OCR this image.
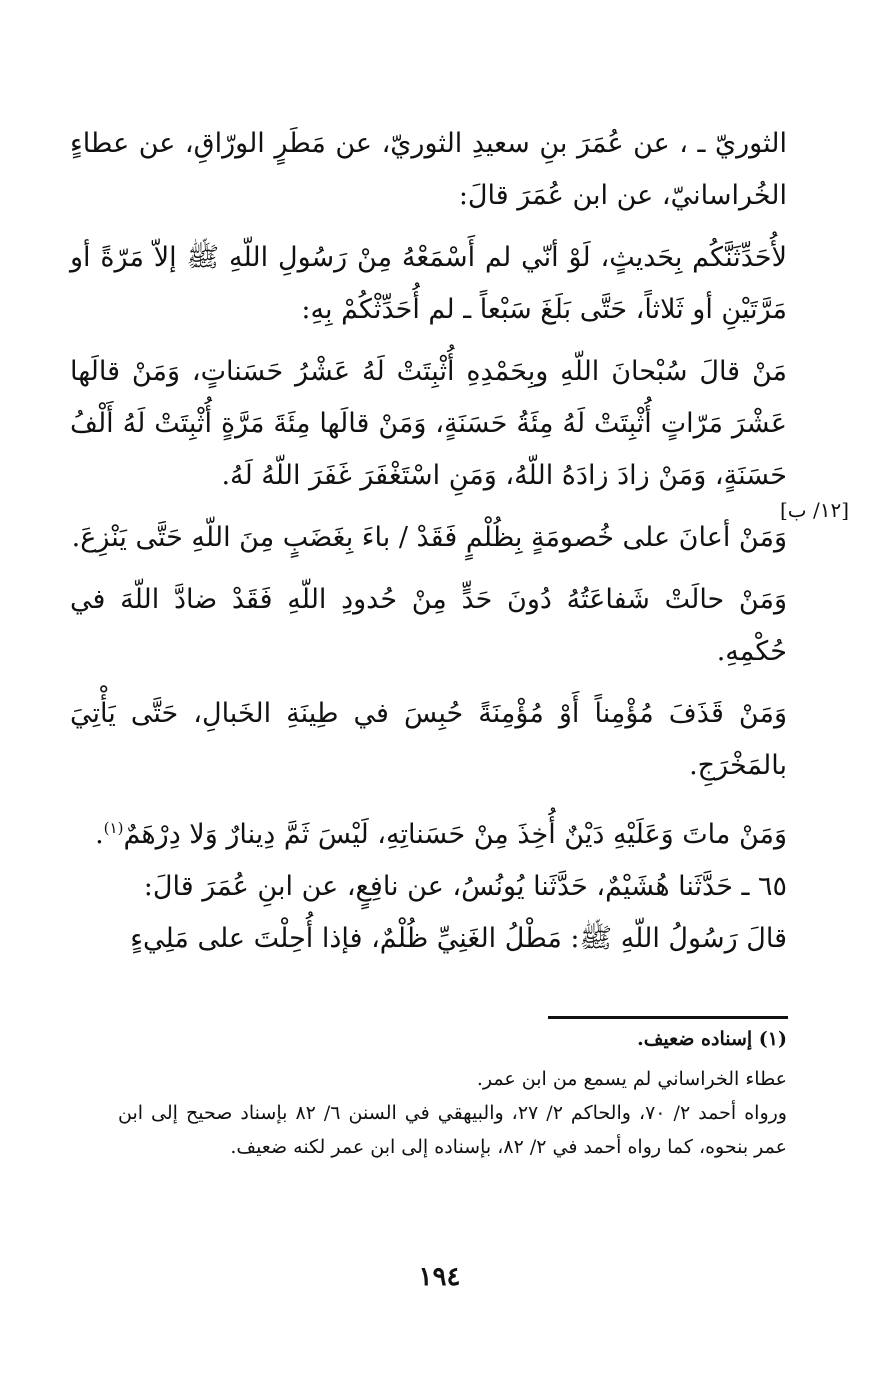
[١٢/ ب]

الثوريّ ـ ، عن عُمَرَ بنِ سعيدِ الثوريّ، عن مَطَرٍ الورّاقِ، عن عطاءٍ الخُراسانيّ، عن ابن عُمَرَ قالَ:

لأُحَدِّثَنَّكُم بِحَديثٍ، لَوْ أنّي لم أَسْمَعْهُ مِنْ رَسُولِ اللّهِ ﷺ إلاّ مَرّةً أو مَرَّتَيْنِ أو ثَلاثاً، حَتَّى بَلَغَ سَبْعاً ـ لم أُحَدِّثْكُمْ بِهِ:

مَنْ قالَ سُبْحانَ اللّهِ وبِحَمْدِهِ أُثْبِتَتْ لَهُ عَشْرُ حَسَناتٍ، وَمَنْ قالَها عَشْرَ مَرّاتٍ أُثْبِتَتْ لَهُ مِئَةُ حَسَنَةٍ، وَمَنْ قالَها مِئَةَ مَرَّةٍ أُثْبِتَتْ لَهُ أَلْفُ حَسَنَةٍ، وَمَنْ زادَ زادَهُ اللّهُ، وَمَنِ اسْتَغْفَرَ غَفَرَ اللّهُ لَهُ.

وَمَنْ أعانَ على خُصومَةٍ بِظُلْمٍ فَقَدْ / باءَ بِغَضَبٍ مِنَ اللّهِ حَتَّى يَنْزِعَ.

وَمَنْ حالَتْ شَفاعَتُهُ دُونَ حَدٍّ مِنْ حُدودِ اللّهِ فَقَدْ ضادَّ اللّهَ في حُكْمِهِ.

وَمَنْ قَذَفَ مُؤْمِناً أَوْ مُؤْمِنَةً حُبِسَ في طِينَةِ الخَبالِ، حَتَّى يَأْتِيَ بالمَخْرَجِ.

وَمَنْ ماتَ وَعَلَيْهِ دَيْنٌ أُخِذَ مِنْ حَسَناتِهِ، لَيْسَ ثَمَّ دِينارٌ وَلا دِرْهَمٌ$^{(١)}$.

٦٥ ـ حَدَّثَنا هُشَيْمٌ، حَدَّثَنا يُونُسُ، عن نافِعٍ، عن ابنِ عُمَرَ قالَ:

قالَ رَسُولُ اللّهِ ﷺ: مَطْلُ الغَنِيِّ ظُلْمٌ، فإذا أُحِلْتَ على مَلِيءٍ

(١) إسناده ضعيف.

عطاء الخراساني لم يسمع من ابن عمر.

ورواه أحمد ٢/ ٧٠، والحاكم ٢/ ٢٧، والبيهقي في السنن ٦/ ٨٢ بإسناد صحيح إلى ابن عمر بنحوه، كما رواه أحمد في ٢/ ٨٢، بإسناده إلى ابن عمر لكنه ضعيف.

١٩٤
